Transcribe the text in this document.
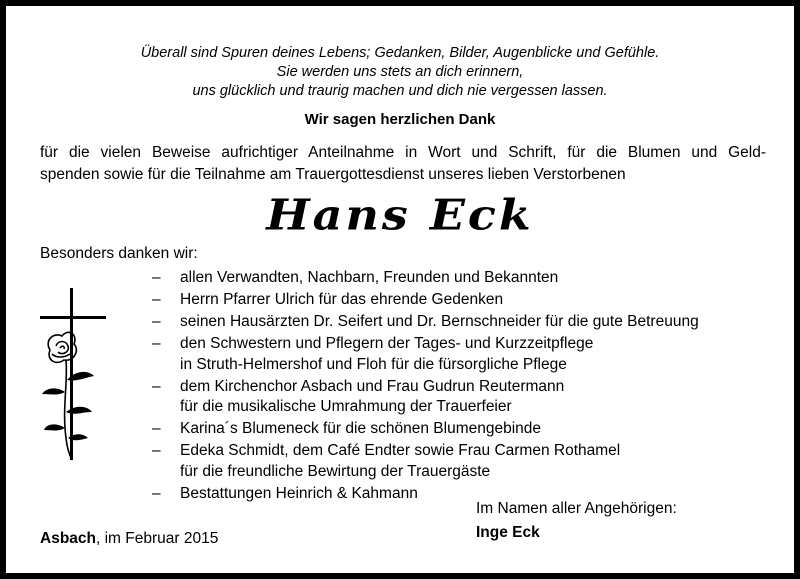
Überall sind Spuren deines Lebens; Gedanken, Bilder, Augenblicke und Gefühle.
Sie werden uns stets an dich erinnern,
uns glücklich und traurig machen und dich nie vergessen lassen.
Wir sagen herzlichen Dank
für die vielen Beweise aufrichtiger Anteilnahme in Wort und Schrift, für die Blumen und Geld-
spenden sowie für die Teilnahme am Trauergottesdienst unseres lieben Verstorbenen
Hans Eck
Besonders danken wir:
– allen Verwandten, Nachbarn, Freunden und Bekannten
– Herrn Pfarrer Ulrich für das ehrende Gedenken
– seinen Hausärzten Dr. Seifert und Dr. Bernschneider für die gute Betreuung
– den Schwestern und Pflegern der Tages- und Kurzzeitpflege
in Struth-Helmershof und Floh für die fürsorgliche Pflege
– dem Kirchenchor Asbach und Frau Gudrun Reutermann
für die musikalische Umrahmung der Trauerfeier
– Karina´s Blumeneck für die schönen Blumengebinde
– Edeka Schmidt, dem Café Endter sowie Frau Carmen Rothamel
für die freundliche Bewirtung der Trauergäste
– Bestattungen Heinrich & Kahmann
Im Namen aller Angehörigen:
Inge Eck
Asbach, im Februar 2015
